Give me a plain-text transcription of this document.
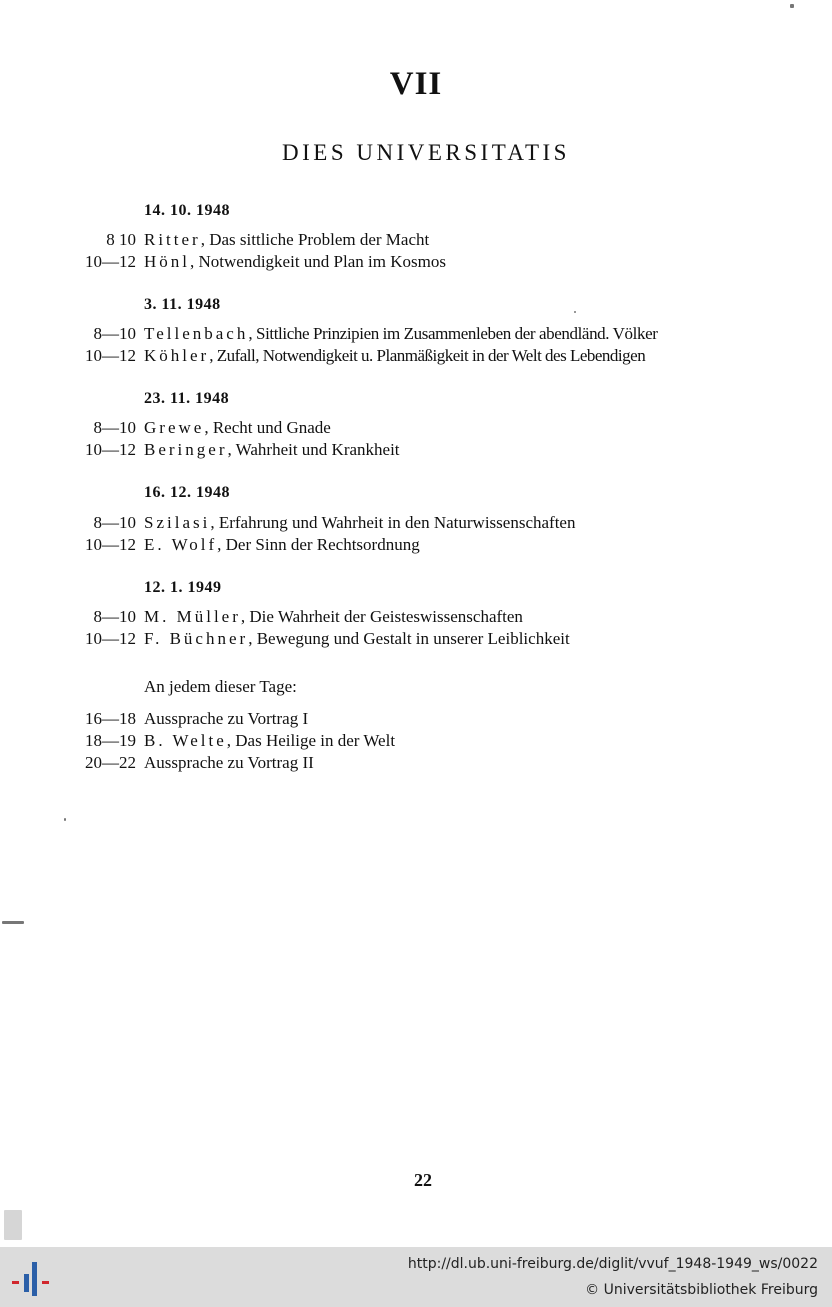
VII
DIES UNIVERSITATIS
14. 10. 1948
8 10 Ritter, Das sittliche Problem der Macht
10—12 Hönl, Notwendigkeit und Plan im Kosmos
3. 11. 1948
8—10 Tellenbach, Sittliche Prinzipien im Zusammenleben der abendländ. Völker
10—12 Köhler, Zufall, Notwendigkeit u. Planmäßigkeit in der Welt des Lebendigen
23. 11. 1948
8—10 Grewe, Recht und Gnade
10—12 Beringer, Wahrheit und Krankheit
16. 12. 1948
8—10 Szilasi, Erfahrung und Wahrheit in den Naturwissenschaften
10—12 E. Wolf, Der Sinn der Rechtsordnung
12. 1. 1949
8—10 M. Müller, Die Wahrheit der Geisteswissenschaften
10—12 F. Büchner, Bewegung und Gestalt in unserer Leiblichkeit
An jedem dieser Tage:
16—18 Aussprache zu Vortrag I
18—19 B. Welte, Das Heilige in der Welt
20—22 Aussprache zu Vortrag II
22
http://dl.ub.uni-freiburg.de/diglit/vvuf_1948-1949_ws/0022
© Universitätsbibliothek Freiburg
